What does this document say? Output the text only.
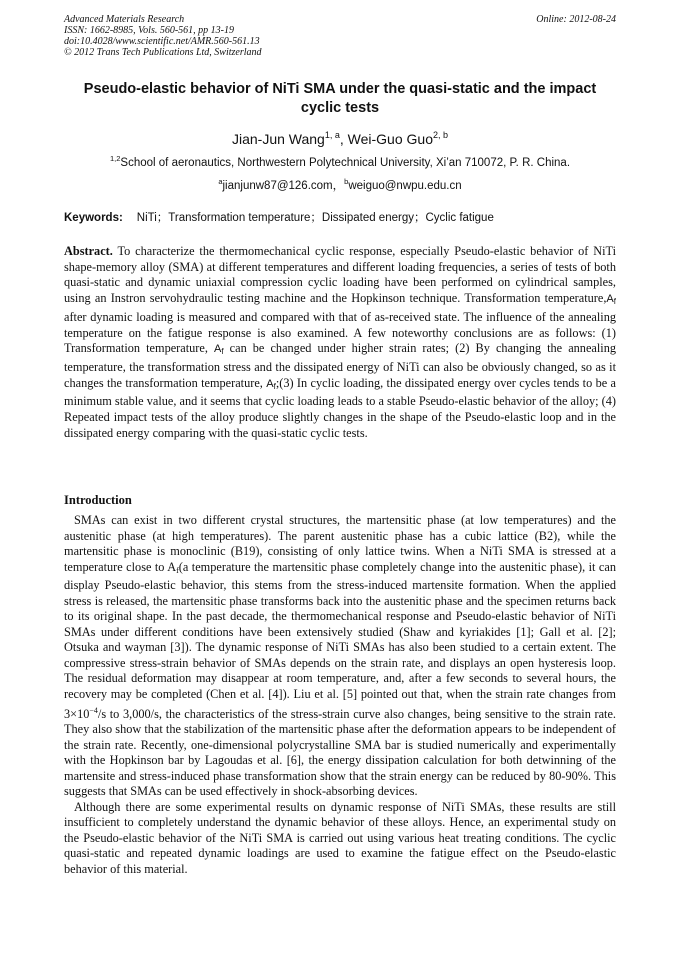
Advanced Materials Research
ISSN: 1662-8985, Vols. 560-561, pp 13-19
doi:10.4028/www.scientific.net/AMR.560-561.13
© 2012 Trans Tech Publications Ltd, Switzerland
Online: 2012-08-24
Pseudo-elastic behavior of NiTi SMA under the quasi-static and the impact cyclic tests
Jian-Jun Wang$^{1, a}$, Wei-Guo Guo$^{2, b}$
$^{1,2}$School of aeronautics, Northwestern Polytechnical University, Xi’an 710072, P. R. China.
$^a$jianjunw87@126.com，$^b$weiguo@nwpu.edu.cn
Keywords: NiTi；Transformation temperature；Dissipated energy；Cyclic fatigue
Abstract. To characterize the thermomechanical cyclic response, especially Pseudo-elastic behavior of NiTi shape-memory alloy (SMA) at different temperatures and different loading frequencies, a series of tests of both quasi-static and dynamic uniaxial compression cyclic loading have been performed on cylindrical samples, using an Instron servohydraulic testing machine and the Hopkinson technique. Transformation $temperature,A_f$ after dynamic loading is measured and compared with that of as-received state. The influence of the annealing temperature on the fatigue response is also examined. A few noteworthy conclusions are as follows: (1) Transformation temperature, $A_f$ can be changed under higher strain rates; (2) By changing the annealing temperature, the transformation stress and the dissipated energy of NiTi can also be obviously changed, so as it changes the transformation temperature, $A_f;(3)$ In cyclic loading, the dissipated energy over cycles tends to be a minimum stable value, and it seems that cyclic loading leads to a stable Pseudo-elastic behavior of the alloy; (4) Repeated impact tests of the alloy produce slightly changes in the shape of the Pseudo-elastic loop and in the dissipated energy comparing with the quasi-static cyclic tests.
Introduction

SMAs can exist in two different crystal structures, the martensitic phase (at low temperatures) and the austenitic phase (at high temperatures). The parent austenitic phase has a cubic lattice (B2), while the martensitic phase is monoclinic (B19), consisting of only lattice twins. When a NiTi SMA is stressed at a temperature close to $A_f(a$ temperature the martensitic phase completely change into the austenitic phase), it can display Pseudo-elastic behavior, this stems from the stress-induced martensite formation. When the applied stress is released, the martensitic phase transforms back into the austenitic phase and the specimen returns back to its original shape. In the past decade, the thermomechanical response and Pseudo-elastic behavior of NiTi SMAs under different conditions have been extensively studied (Shaw and kyriakides [1]; Gall et al. [2]; Otsuka and wayman [3]). The dynamic response of NiTi SMAs has also been studied to a certain extent. The compressive stress-strain behavior of SMAs depends on the strain rate, and displays an open hysteresis loop. The residual deformation may disappear at room temperature, and, after a few seconds to several hours, the recovery may be completed (Chen et al. [4]). Liu et al. [5] pointed out that, when the strain rate changes from $3\times 10^{-4}/s$ to 3,000/s, the characteristics of the stress-strain curve also changes, being sensitive to the strain rate. They also show that the stabilization of the martensitic phase after the deformation appears to be independent of the strain rate. Recently, one-dimensional polycrystalline SMA bar is studied numerically and experimentally with the Hopkinson bar by Lagoudas et al. [6], the energy dissipation calculation for both detwinning of the martensite and stress-induced phase transformation show that the strain energy can be reduced by 80-90%. This suggests that SMAs can be used effectively in shock-absorbing devices.

Although there are some experimental results on dynamic response of NiTi SMAs, these results are still insufficient to completely understand the dynamic behavior of these alloys. Hence, an experimental study on the Pseudo-elastic behavior of the NiTi SMA is carried out using various heat treating conditions. The cyclic quasi-static and repeated dynamic loadings are used to examine the fatigue effect on the Pseudo-elastic behavior of this material.
